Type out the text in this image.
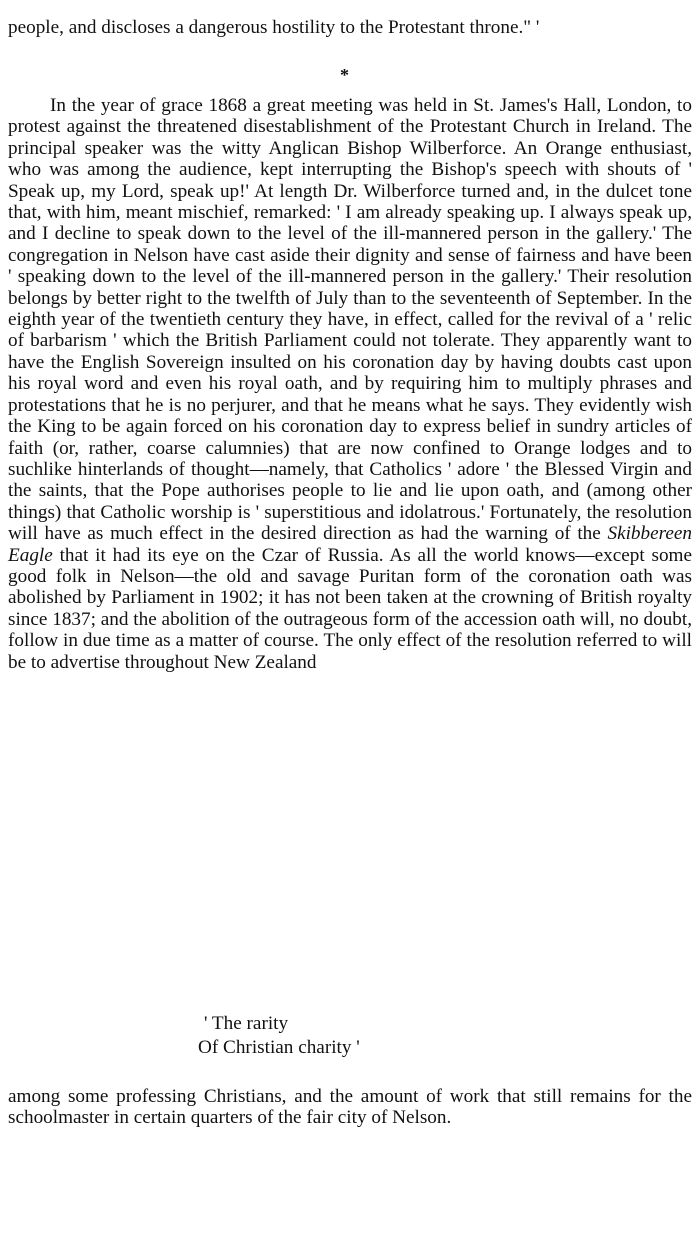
people, and discloses a dangerous hostility to the Protestant throne." '

*

In the year of grace 1868 a great meeting was held in St. James's Hall, London, to protest against the threatened disestablishment of the Protestant Church in Ireland. The principal speaker was the witty Anglican Bishop Wilberforce. An Orange enthusiast, who was among the audience, kept interrupting the Bishop's speech with shouts of ' Speak up, my Lord, speak up!' At length Dr. Wilberforce turned and, in the dulcet tone that, with him, meant mischief, remarked: ' I am already speaking up. I always speak up, and I decline to speak down to the level of the ill-mannered person in the gallery.' The congregation in Nelson have cast aside their dignity and sense of fairness and have been ' speaking down to the level of the ill-mannered person in the gallery.' Their resolution belongs by better right to the twelfth of July than to the seventeenth of September. In the eighth year of the twentieth century they have, in effect, called for the revival of a ' relic of barbarism ' which the British Parliament could not tolerate. They apparently want to have the English Sovereign insulted on his coronation day by having doubts cast upon his royal word and even his royal oath, and by requiring him to multiply phrases and protestations that he is no perjurer, and that he means what he says. They evidently wish the King to be again forced on his coronation day to express belief in sundry articles of faith (or, rather, coarse calumnies) that are now confined to Orange lodges and to suchlike hinterlands of thought—namely, that Catholics ' adore ' the Blessed Virgin and the saints, that the Pope authorises people to lie and lie upon oath, and (among other things) that Catholic worship is ' superstitious and idolatrous.' Fortunately, the resolution will have as much effect in the desired direction as had the warning of the Skibbereen Eagle that it had its eye on the Czar of Russia. As all the world knows—except some good folk in Nelson—the old and savage Puritan form of the coronation oath was abolished by Parliament in 1902; it has not been taken at the crowning of British royalty since 1837; and the abolition of the outrageous form of the accession oath will, no doubt, follow in due time as a matter of course. The only effect of the resolution referred to will be to advertise throughout New Zealand

' The rarity
Of Christian charity '

among some professing Christians, and the amount of work that still remains for the schoolmaster in certain quarters of the fair city of Nelson.
